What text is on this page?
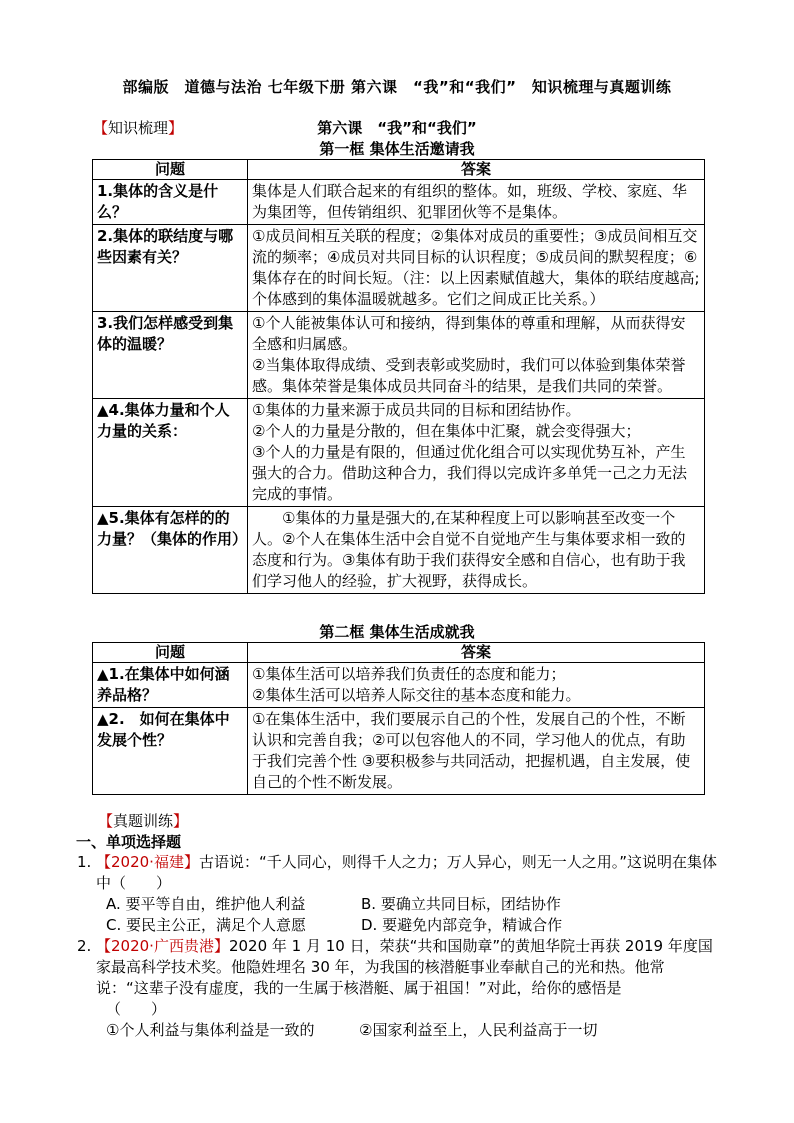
部编版　道德与法治 七年级下册 第六课　“我”和“我们”　知识梳理与真题训练
【知识梳理】	第六课　“我”和“我们”
第一框 集体生活邀请我
问题	答案
1.集体的含义是什么？	集体是人们联合起来的有组织的整体。如，班级、学校、家庭、华为集团等，但传销组织、犯罪团伙等不是集体。

2.集体的联结度与哪些因素有关？	①成员间相互关联的程度；②集体对成员的重要性；③成员间相互交流的频率；④成员对共同目标的认识程度；⑤成员间的默契程度；⑥集体存在的时间长短。（注：以上因素赋值越大，集体的联结度越高; 个体感到的集体温暖就越多。它们之间成正比关系。）

3.我们怎样感受到集体的温暖？	①个人能被集体认可和接纳，得到集体的尊重和理解，从而获得安全感和归属感。

②当集体取得成绩、受到表彰或奖励时，我们可以体验到集体荣誉感。集体荣誉是集体成员共同奋斗的结果，是我们共同的荣誉。

▲4.集体力量和个人力量的关系：	①集体的力量来源于成员共同的目标和团结协作。

②个人的力量是分散的，但在集体中汇聚，就会变得强大；

③个人的力量是有限的，但通过优化组合可以实现优势互补，产生强大的合力。借助这种合力，我们得以完成许多单凭一己之力无法完成的事情。

▲5.集体有怎样的的力量？（集体的作用）	①集体的力量是强大的,在某种程度上可以影响甚至改变一个人。②个人在集体生活中会自觉不自觉地产生与集体要求相一致的态度和行为。③集体有助于我们获得安全感和自信心，也有助于我们学习他人的经验，扩大视野，获得成长。

第二框 集体生活成就我
问题	答案
▲1.在集体中如何涵养品格？	①集体生活可以培养我们负责任的态度和能力；

②集体生活可以培养人际交往的基本态度和能力。

▲2.　如何在集体中发展个性？	①在集体生活中，我们要展示自己的个性，发展自己的个性，不断认识和完善自我；②可以包容他人的不同，学习他人的优点，有助于我们完善个性 ③要积极参与共同活动，把握机遇，自主发展，使自己的个性不断发展。

【真题训练】
一、单项选择题
1. 【2020·福建】古语说：“千人同心，则得千人之力；万人异心，则无一人之用。”这说明在集体中（　　）
A. 要平等自由，维护他人利益	B. 要确立共同目标，团结协作
C. 要民主公正，满足个人意愿	D. 要避免内部竞争，精诚合作
2. 【2020·广西贵港】2020 年 1 月 10 日，荣获“共和国勋章”的黄旭华院士再获 2019 年度国家最高科学技术奖。他隐姓埋名 30 年，为我国的核潜艇事业奉献自己的光和热。他常说：“这辈子没有虚度，我的一生属于核潜艇、属于祖国！”对此，给你的感悟是
（　　）
①个人利益与集体利益是一致的	②国家利益至上，人民利益高于一切
